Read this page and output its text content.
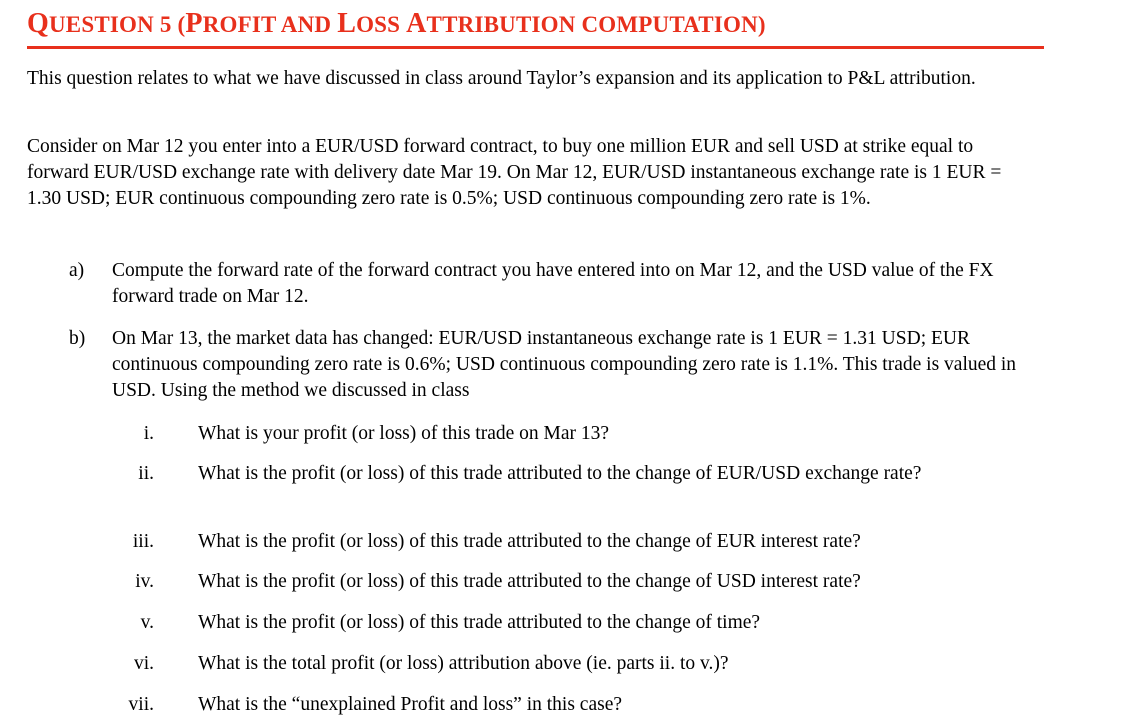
QUESTION 5 (PROFIT AND LOSS ATTRIBUTION COMPUTATION)

This question relates to what we have discussed in class around Taylor’s expansion and its application to P&L attribution.

Consider on Mar 12 you enter into a EUR/USD forward contract, to buy one million EUR and sell USD at strike equal to forward EUR/USD exchange rate with delivery date Mar 19. On Mar 12, EUR/USD instantaneous exchange rate is 1 EUR = 1.30 USD; EUR continuous compounding zero rate is 0.5%; USD continuous compounding zero rate is 1%.

a) Compute the forward rate of the forward contract you have entered into on Mar 12, and the USD value of the FX forward trade on Mar 12.

b) On Mar 13, the market data has changed: EUR/USD instantaneous exchange rate is 1 EUR = 1.31 USD; EUR continuous compounding zero rate is 0.6%; USD continuous compounding zero rate is 1.1%. This trade is valued in USD. Using the method we discussed in class

i. What is your profit (or loss) of this trade on Mar 13?

ii. What is the profit (or loss) of this trade attributed to the change of EUR/USD exchange rate?

iii. What is the profit (or loss) of this trade attributed to the change of EUR interest rate?

iv. What is the profit (or loss) of this trade attributed to the change of USD interest rate?

v. What is the profit (or loss) of this trade attributed to the change of time?

vi. What is the total profit (or loss) attribution above (ie. parts ii. to v.)?

vii. What is the “unexplained Profit and loss” in this case?
